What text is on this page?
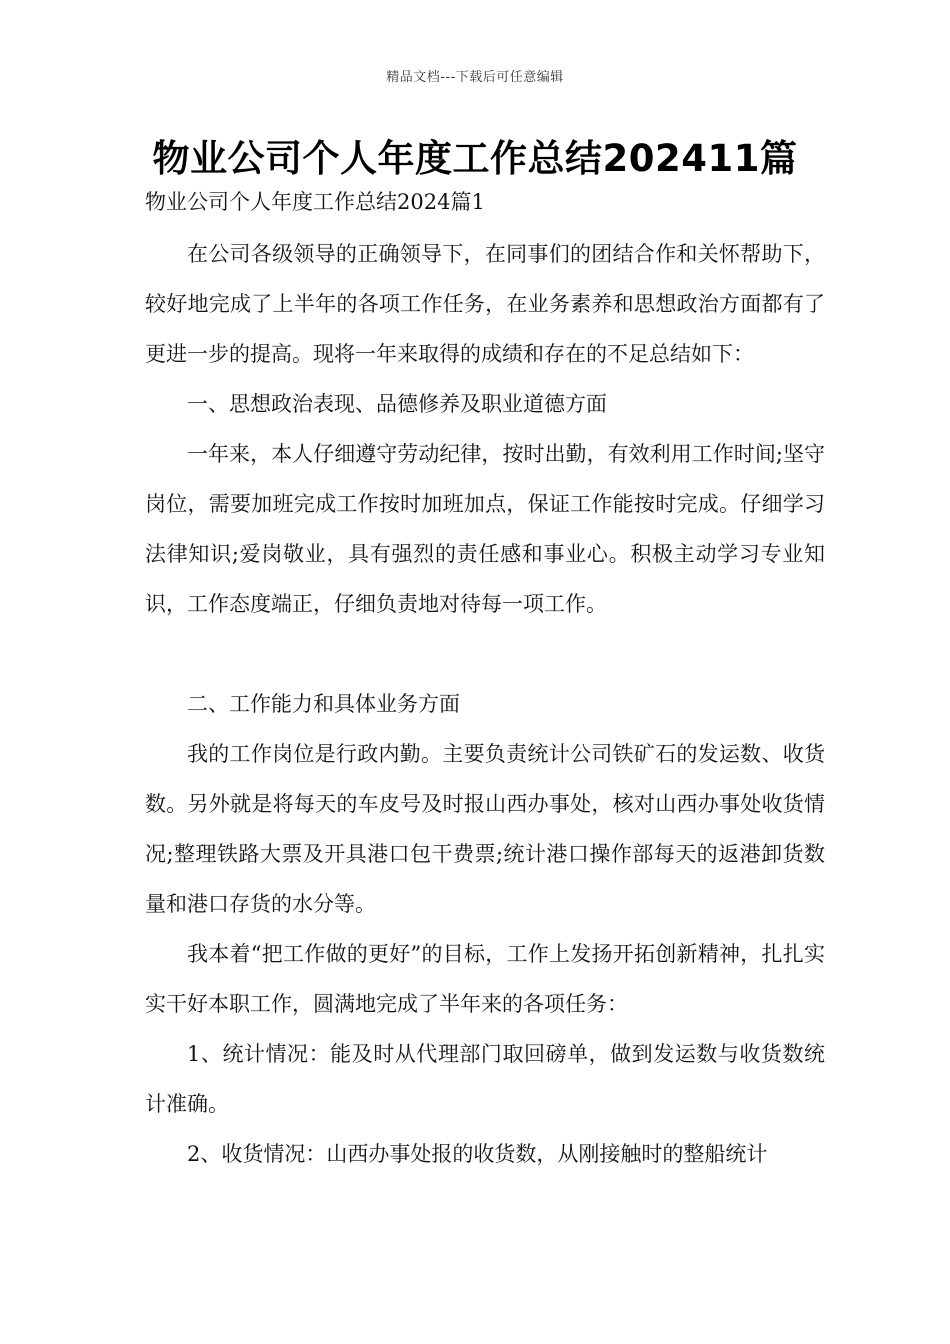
精品文档---下载后可任意编辑
物业公司个人年度工作总结202411篇
物业公司个人年度工作总结2024篇1

在公司各级领导的正确领导下，在同事们的团结合作和关怀帮助下，较好地完成了上半年的各项工作任务，在业务素养和思想政治方面都有了更进一步的提高。现将一年来取得的成绩和存在的不足总结如下：

一、思想政治表现、品德修养及职业道德方面

一年来，本人仔细遵守劳动纪律，按时出勤，有效利用工作时间;坚守岗位，需要加班完成工作按时加班加点，保证工作能按时完成。仔细学习法律知识;爱岗敬业，具有强烈的责任感和事业心。积极主动学习专业知识，工作态度端正，仔细负责地对待每一项工作。

二、工作能力和具体业务方面

我的工作岗位是行政内勤。主要负责统计公司铁矿石的发运数、收货数。另外就是将每天的车皮号及时报山西办事处，核对山西办事处收货情况;整理铁路大票及开具港口包干费票;统计港口操作部每天的返港卸货数量和港口存货的水分等。

我本着“把工作做的更好”的目标，工作上发扬开拓创新精神，扎扎实实干好本职工作，圆满地完成了半年来的各项任务：

1、统计情况：能及时从代理部门取回磅单，做到发运数与收货数统计准确。

2、收货情况：山西办事处报的收货数，从刚接触时的整船统计
